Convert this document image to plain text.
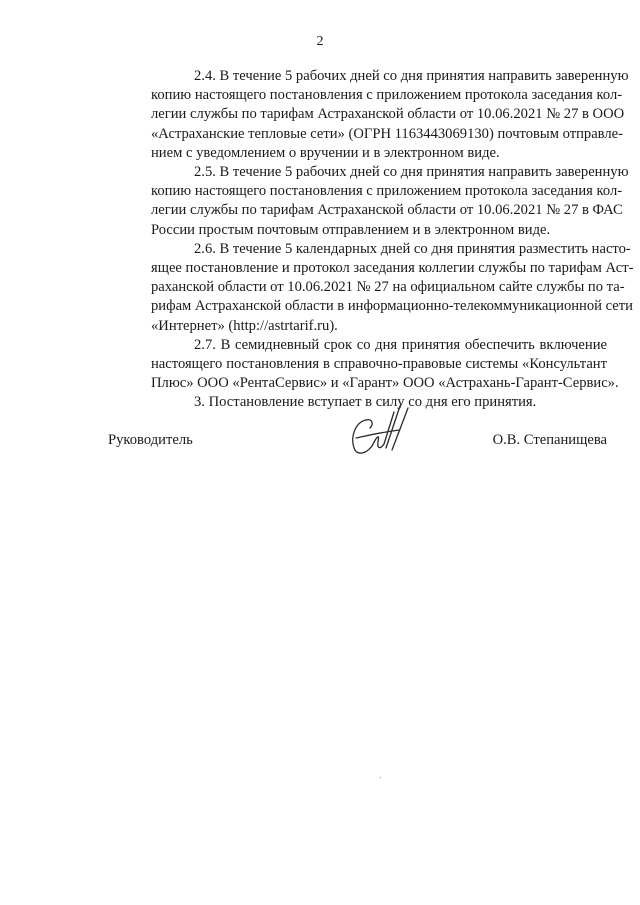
2
2.4. В течение 5 рабочих дней со дня принятия направить заверенную
копию настоящего постановления с приложением протокола заседания кол-
легии службы по тарифам Астраханской области от 10.06.2021 № 27 в ООО
«Астраханские тепловые сети» (ОГРН 1163443069130) почтовым отправле-
нием с уведомлением о вручении и в электронном виде.
2.5. В течение 5 рабочих дней со дня принятия направить заверенную
копию настоящего постановления с приложением протокола заседания кол-
легии службы по тарифам Астраханской области от 10.06.2021 № 27 в ФАС
России простым почтовым отправлением и в электронном виде.
2.6. В течение 5 календарных дней со дня принятия разместить насто-
ящее постановление и протокол заседания коллегии службы по тарифам Аст-
раханской области от 10.06.2021 № 27 на официальном сайте службы по та-
рифам Астраханской области в информационно-телекоммуникационной сети
«Интернет» (http://astrtarif.ru).
2.7. В семидневный срок со дня принятия обеспечить включение
настоящего постановления в справочно-правовые системы «Консультант
Плюс» ООО «РентаСервис» и «Гарант» ООО «Астрахань-Гарант-Сервис».
3. Постановление вступает в силу со дня его принятия.
Руководитель	О.В. Степанищева
